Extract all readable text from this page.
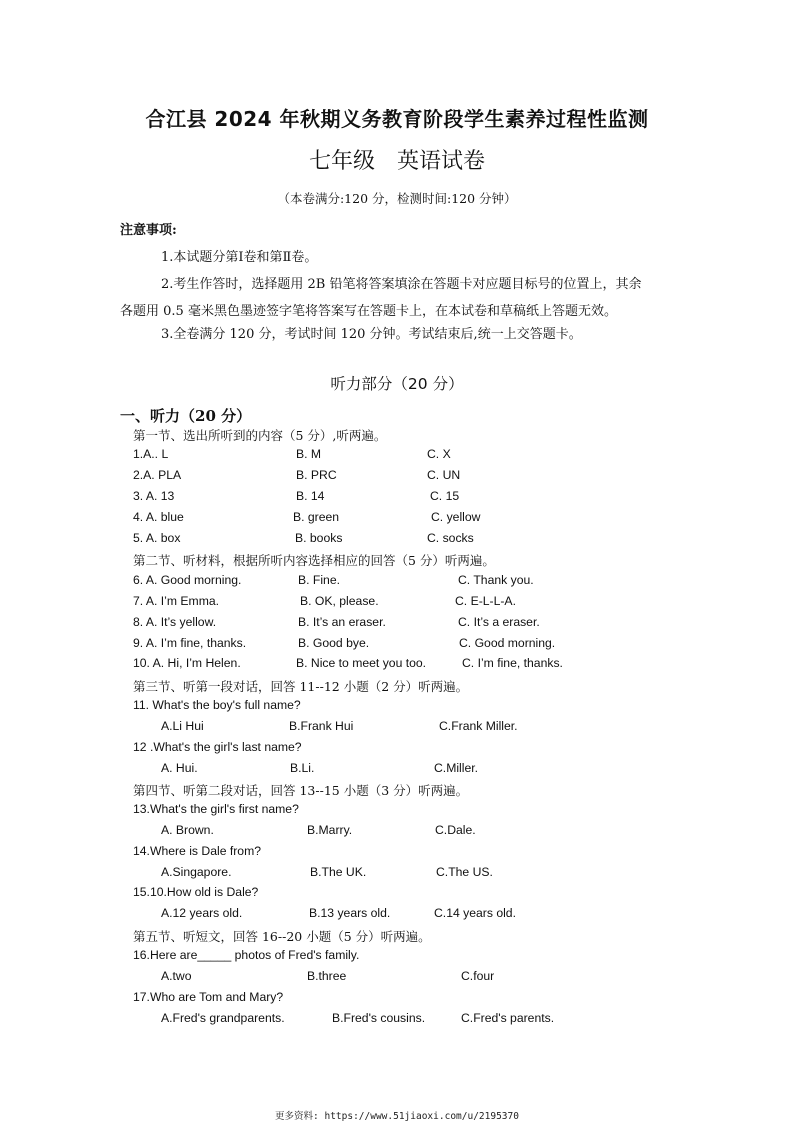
合江县 2024 年秋期义务教育阶段学生素养过程性监测
七年级　英语试卷
（本卷满分:120 分，检测时间:120 分钟）
注意事项:
1.本试题分第Ⅰ卷和第Ⅱ卷。
2.考生作答时，选择题用 2B 铅笔将答案填涂在答题卡对应题目标号的位置上，其余
各题用 0.5 毫米黑色墨迹签字笔将答案写在答题卡上，在本试卷和草稿纸上答题无效。
3.全卷满分 120 分，考试时间 120 分钟。考试结束后,统一上交答题卡。
听力部分（20 分）
一、听力（20 分）
第一节、选出所听到的内容（5 分）,听两遍。
1.A.. L	B. M	C. X
2.A. PLA	B. PRC	C. UN
3. A. 13	B. 14	C. 15
4. A. blue	B. green	C. yellow
5. A. box	B. books	C. socks
第二节、听材料，根据所听内容选择相应的回答（5 分）听两遍。
6. A. Good morning.	B. Fine.	C. Thank you.
7. A. I’m Emma.	B. OK, please.	C. E-L-L-A.
8. A. It’s yellow.	B. It’s an eraser.	C. It’s a eraser.
9. A. I’m fine, thanks.	B. Good bye.	C. Good morning.
10. A. Hi, I’m Helen.	B. Nice to meet you too.	C. I’m fine, thanks.
第三节、听第一段对话，回答 11--12 小题（2 分）听两遍。
11. What's the boy's full name?
A.Li Hui	B.Frank Hui	C.Frank Miller.
12 .What's the girl's last name?
A. Hui.	B.Li.	C.Miller.
第四节、听第二段对话，回答 13--15 小题（3 分）听两遍。
13.What's the girl's first name?
A. Brown.	B.Marry.	C.Dale.
14.Where is Dale from?
A.Singapore.	B.The UK.	C.The US.
15.10.How old is Dale?
A.12 years old.	B.13 years old.	C.14 years old.
第五节、听短文，回答 16--20 小题（5 分）听两遍。
16.Here are_____ photos of Fred's family.
A.two	B.three	C.four
17.Who are Tom and Mary?
A.Fred's grandparents.	B.Fred's cousins.	C.Fred's parents.
更多资料: https://www.51jiaoxi.com/u/2195370
